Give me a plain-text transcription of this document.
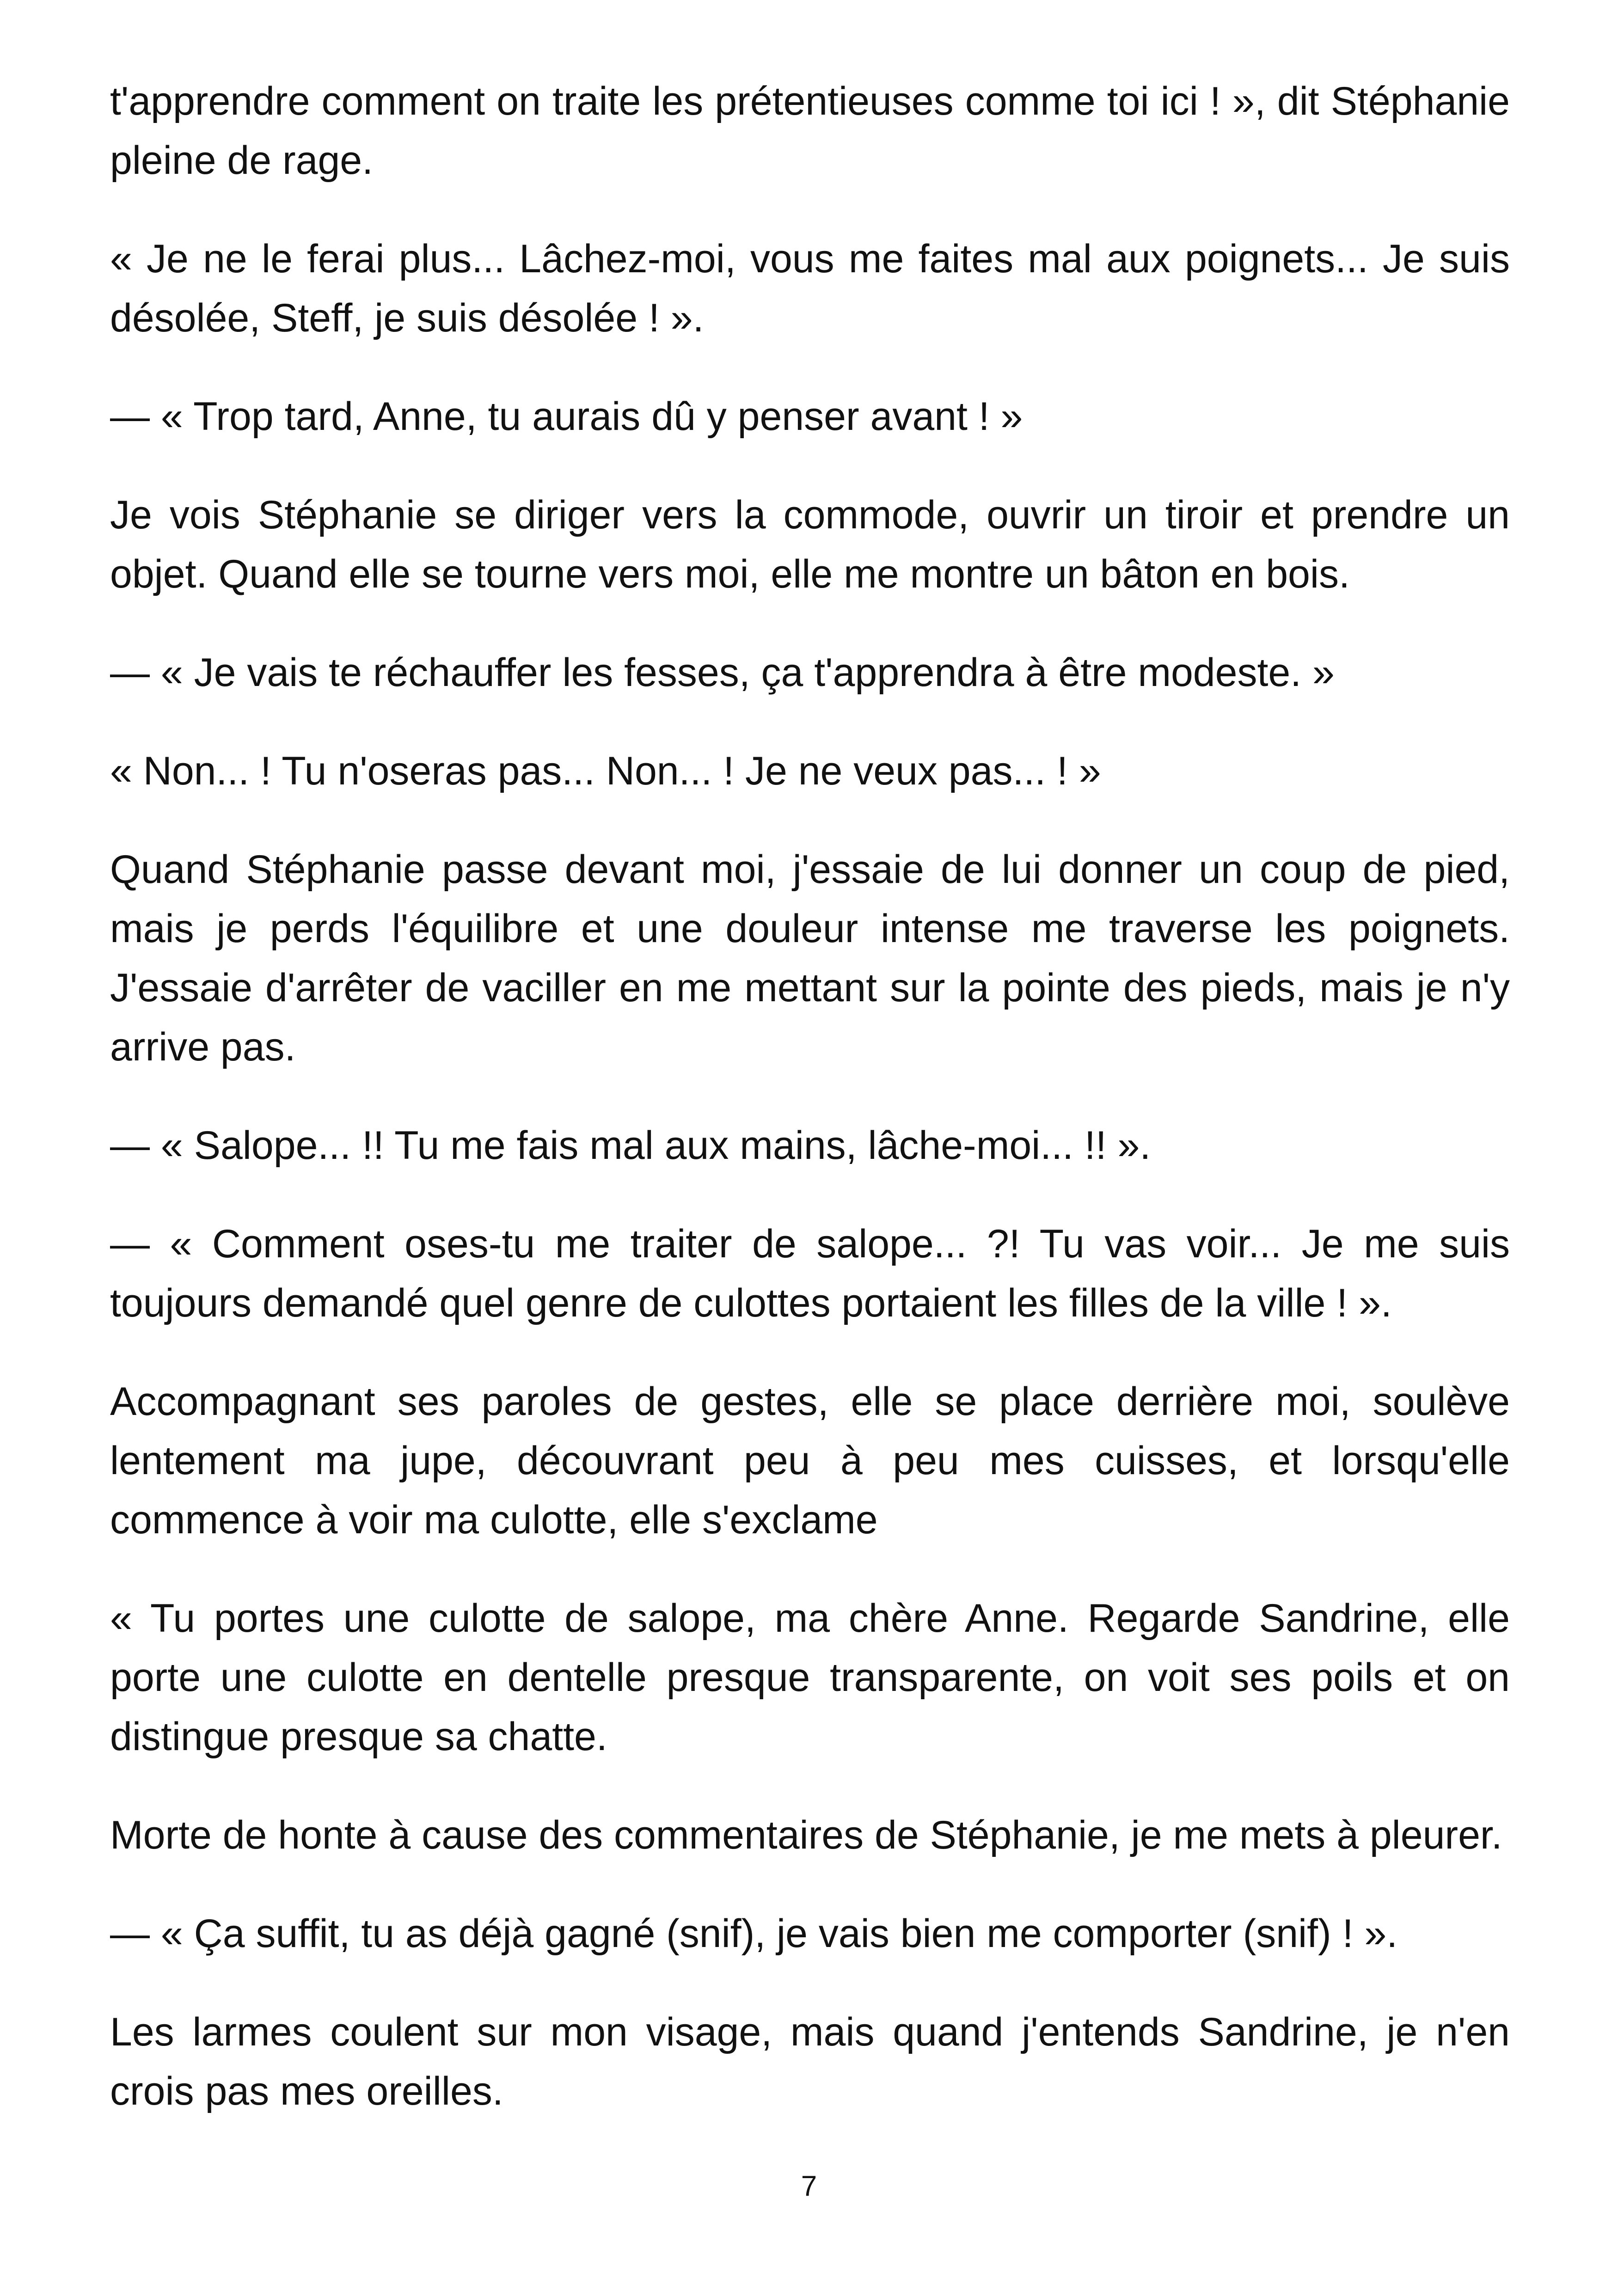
t'apprendre comment on traite les prétentieuses comme toi ici ! », dit Stéphanie pleine de rage.

« Je ne le ferai plus... Lâchez-moi, vous me faites mal aux poignets... Je suis désolée, Steff, je suis désolée ! ».

— « Trop tard, Anne, tu aurais dû y penser avant ! »

Je vois Stéphanie se diriger vers la commode, ouvrir un tiroir et prendre un objet. Quand elle se tourne vers moi, elle me montre un bâton en bois.

— « Je vais te réchauffer les fesses, ça t'apprendra à être modeste. »

« Non... ! Tu n'oseras pas... Non... ! Je ne veux pas... ! »

Quand Stéphanie passe devant moi, j'essaie de lui donner un coup de pied, mais je perds l'équilibre et une douleur intense me traverse les poignets. J'essaie d'arrêter de vaciller en me mettant sur la pointe des pieds, mais je n'y arrive pas.

— « Salope... !! Tu me fais mal aux mains, lâche-moi... !! ».

— « Comment oses-tu me traiter de salope... ?! Tu vas voir... Je me suis toujours demandé quel genre de culottes portaient les filles de la ville ! ».

Accompagnant ses paroles de gestes, elle se place derrière moi, soulève lentement ma jupe, découvrant peu à peu mes cuisses, et lorsqu'elle commence à voir ma culotte, elle s'exclame

« Tu portes une culotte de salope, ma chère Anne. Regarde Sandrine, elle porte une culotte en dentelle presque transparente, on voit ses poils et on distingue presque sa chatte.

Morte de honte à cause des commentaires de Stéphanie, je me mets à pleurer.

— « Ça suffit, tu as déjà gagné (snif), je vais bien me comporter (snif) ! ».

Les larmes coulent sur mon visage, mais quand j'entends Sandrine, je n'en crois pas mes oreilles.

7
